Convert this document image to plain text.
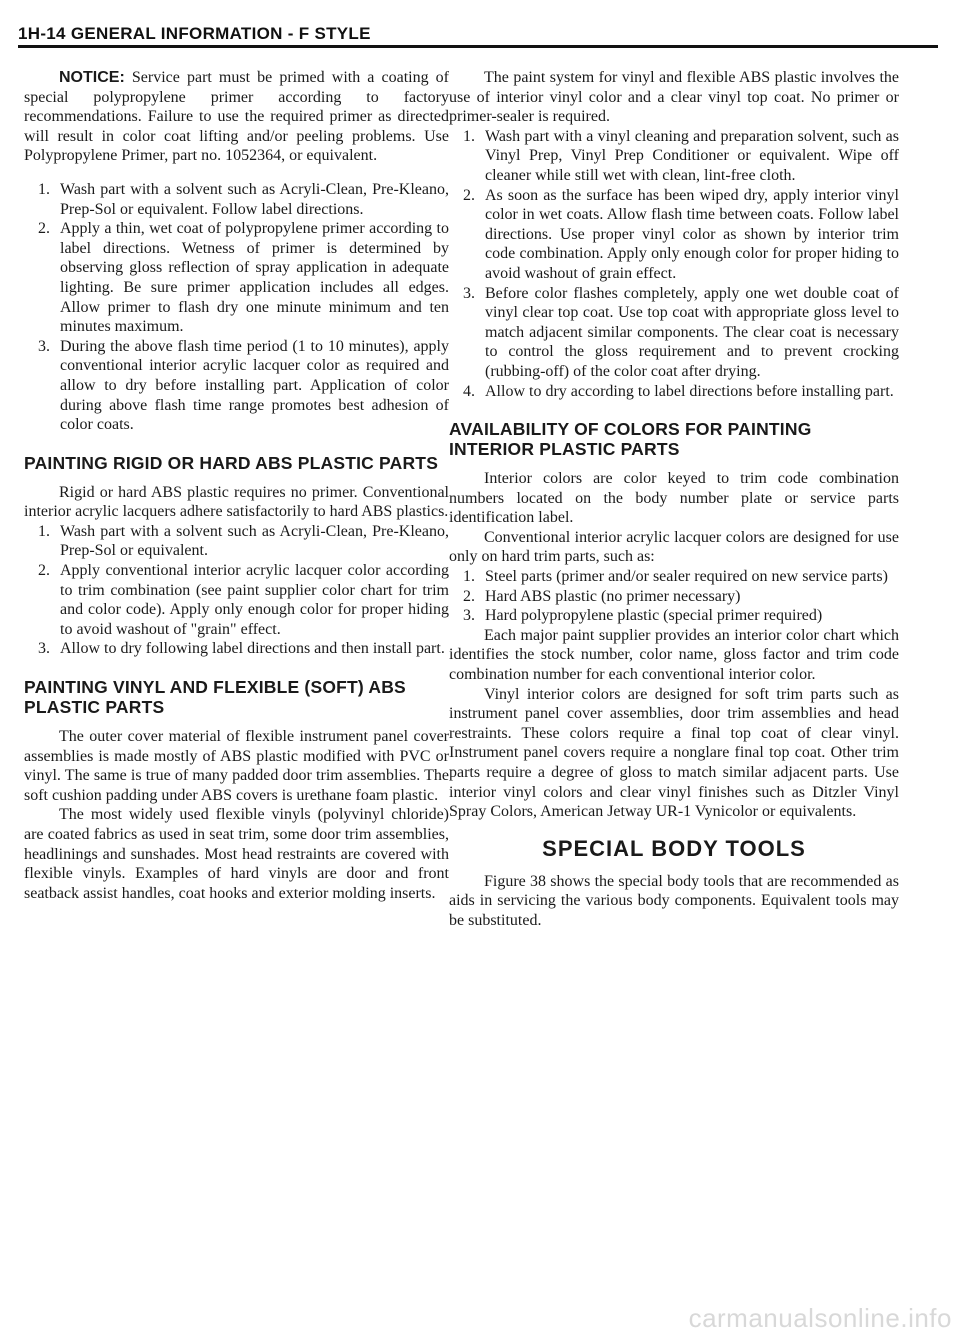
1H-14 GENERAL INFORMATION - F STYLE

NOTICE: Service part must be primed with a coating of special polypropylene primer according to factory recommendations. Failure to use the required primer as directed will result in color coat lifting and/or peeling problems. Use Polypropylene Primer, part no. 1052364, or equivalent.

1. Wash part with a solvent such as Acryli-Clean, Pre-Kleano, Prep-Sol or equivalent. Follow label directions.
2. Apply a thin, wet coat of polypropylene primer according to label directions. Wetness of primer is determined by observing gloss reflection of spray application in adequate lighting. Be sure primer application includes all edges. Allow primer to flash dry one minute minimum and ten minutes maximum.
3. During the above flash time period (1 to 10 minutes), apply conventional interior acrylic lacquer color as required and allow to dry before installing part. Application of color during above flash time range promotes best adhesion of color coats.
PAINTING RIGID OR HARD ABS PLASTIC PARTS

Rigid or hard ABS plastic requires no primer. Conventional interior acrylic lacquers adhere satisfactorily to hard ABS plastics.

1. Wash part with a solvent such as Acryli-Clean, Pre-Kleano, Prep-Sol or equivalent.
2. Apply conventional interior acrylic lacquer color according to trim combination (see paint supplier color chart for trim and color code). Apply only enough color for proper hiding to avoid washout of "grain" effect.
3. Allow to dry following label directions and then install part.
PAINTING VINYL AND FLEXIBLE (SOFT) ABS PLASTIC PARTS

The outer cover material of flexible instrument panel cover assemblies is made mostly of ABS plastic modified with PVC or vinyl. The same is true of many padded door trim assemblies. The soft cushion padding under ABS covers is urethane foam plastic.

The most widely used flexible vinyls (polyvinyl chloride) are coated fabrics as used in seat trim, some door trim assemblies, headlinings and sunshades. Most head restraints are covered with flexible vinyls. Examples of hard vinyls are door and front seatback assist handles, coat hooks and exterior molding inserts.

The paint system for vinyl and flexible ABS plastic involves the use of interior vinyl color and a clear vinyl top coat. No primer or primer-sealer is required.

1. Wash part with a vinyl cleaning and preparation solvent, such as Vinyl Prep, Vinyl Prep Conditioner or equivalent. Wipe off cleaner while still wet with clean, lint-free cloth.
2. As soon as the surface has been wiped dry, apply interior vinyl color in wet coats. Allow flash time between coats. Follow label directions. Use proper vinyl color as shown by interior trim code combination. Apply only enough color for proper hiding to avoid washout of grain effect.
3. Before color flashes completely, apply one wet double coat of vinyl clear top coat. Use top coat with appropriate gloss level to match adjacent similar components. The clear coat is necessary to control the gloss requirement and to prevent crocking (rubbing-off) of the color coat after drying.
4. Allow to dry according to label directions before installing part.
AVAILABILITY OF COLORS FOR PAINTING INTERIOR PLASTIC PARTS

Interior colors are color keyed to trim code combination numbers located on the body number plate or service parts identification label.

Conventional interior acrylic lacquer colors are designed for use only on hard trim parts, such as:

1. Steel parts (primer and/or sealer required on new service parts)
2. Hard ABS plastic (no primer necessary)
3. Hard polypropylene plastic (special primer required)

Each major paint supplier provides an interior color chart which identifies the stock number, color name, gloss factor and trim code combination number for each conventional interior color.

Vinyl interior colors are designed for soft trim parts such as instrument panel cover assemblies, door trim assemblies and head restraints. These colors require a final top coat of clear vinyl. Instrument panel covers require a nonglare final top coat. Other trim parts require a degree of gloss to match similar adjacent parts. Use interior vinyl colors and clear vinyl finishes such as Ditzler Vinyl Spray Colors, American Jetway UR-1 Vynicolor or equivalents.

SPECIAL BODY TOOLS

Figure 38 shows the special body tools that are recommended as aids in servicing the various body components. Equivalent tools may be substituted.

carmanualsonline.info
